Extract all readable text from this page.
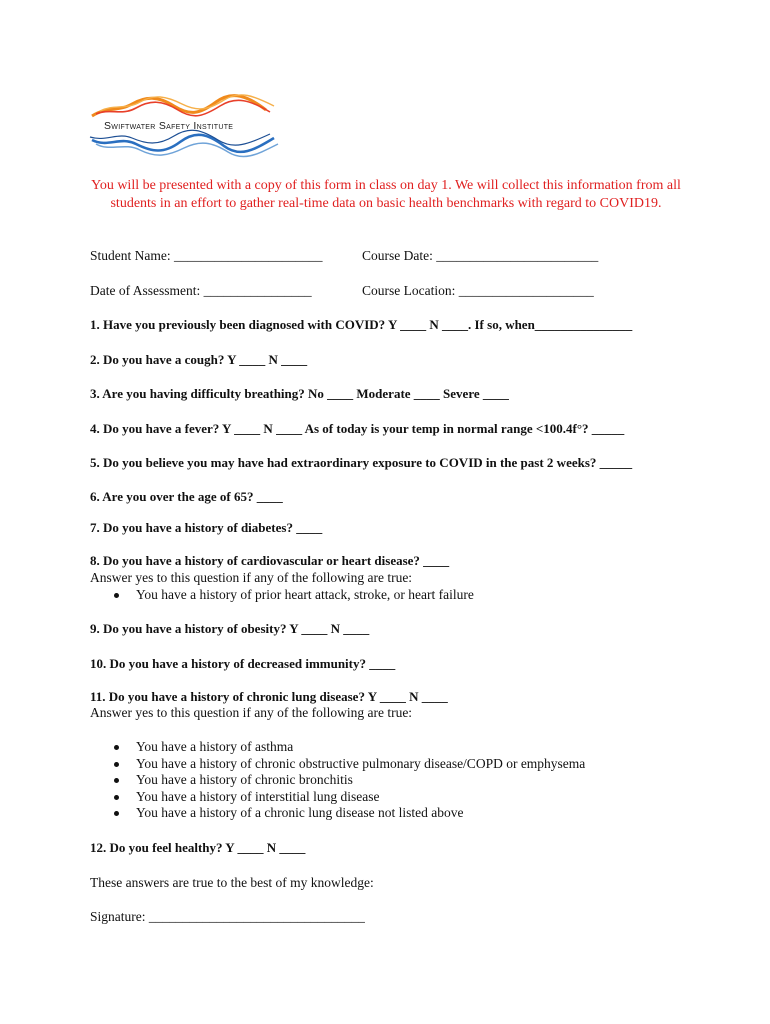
Swiftwater Safety Institute
You will be presented with a copy of this form in class on day 1. We will collect this information from all students in an effort to gather real-time data on basic health benchmarks with regard to COVID19.
Student Name: ______________________	Course Date: ________________________
Date of Assessment: ________________	Course Location: ____________________
1. Have you previously been diagnosed with COVID? Y ____ N ____. If so, when_______________
2. Do you have a cough? Y ____ N ____
3. Are you having difficulty breathing? No ____ Moderate ____ Severe ____
4. Do you have a fever? Y ____ N ____ As of today is your temp in normal range <100.4f°? _____
5. Do you believe you may have had extraordinary exposure to COVID in the past 2 weeks? _____
6. Are you over the age of 65? ____
7. Do you have a history of diabetes? ____
8. Do you have a history of cardiovascular or heart disease? ____
Answer yes to this question if any of the following are true:
You have a history of prior heart attack, stroke, or heart failure
9. Do you have a history of obesity? Y ____ N ____
10. Do you have a history of decreased immunity? ____
11. Do you have a history of chronic lung disease? Y ____ N ____
Answer yes to this question if any of the following are true:
You have a history of asthma
You have a history of chronic obstructive pulmonary disease/COPD or emphysema
You have a history of chronic bronchitis
You have a history of interstitial lung disease
You have a history of a chronic lung disease not listed above
12. Do you feel healthy? Y ____ N ____
These answers are true to the best of my knowledge:
Signature: ________________________________
